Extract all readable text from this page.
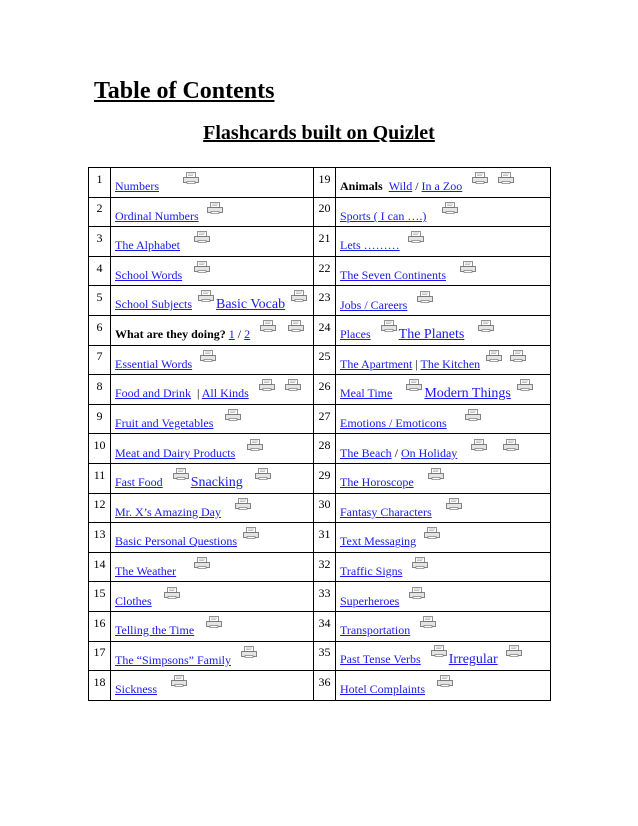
Table of Contents
Flashcards built on Quizlet
1	Numbers	19	Animals Wild / In a Zoo

2	Ordinal Numbers	20	Sports ( I can ….)

3	The Alphabet	21	Lets ………

4	School Words	22	The Seven Continents

5	School Subjects Basic Vocab	23	Jobs / Careers

6	What are they doing? 1 / 2	24	Places The Planets

7	Essential Words	25	The Apartment | The Kitchen

8	Food and Drink  | All Kinds	26	Meal Time Modern Things

9	Fruit and Vegetables	27	Emotions / Emoticons

10	Meat and Dairy Products	28	The Beach / On Holiday

11	Fast Food Snacking	29	The Horoscope

12	Mr. X’s Amazing Day	30	Fantasy Characters

13	Basic Personal Questions	31	Text Messaging

14	The Weather	32	Traffic Signs

15	Clothes	33	Superheroes

16	Telling the Time	34	Transportation

17	The “Simpsons” Family	35	Past Tense Verbs Irregular

18	Sickness	36	Hotel Complaints
